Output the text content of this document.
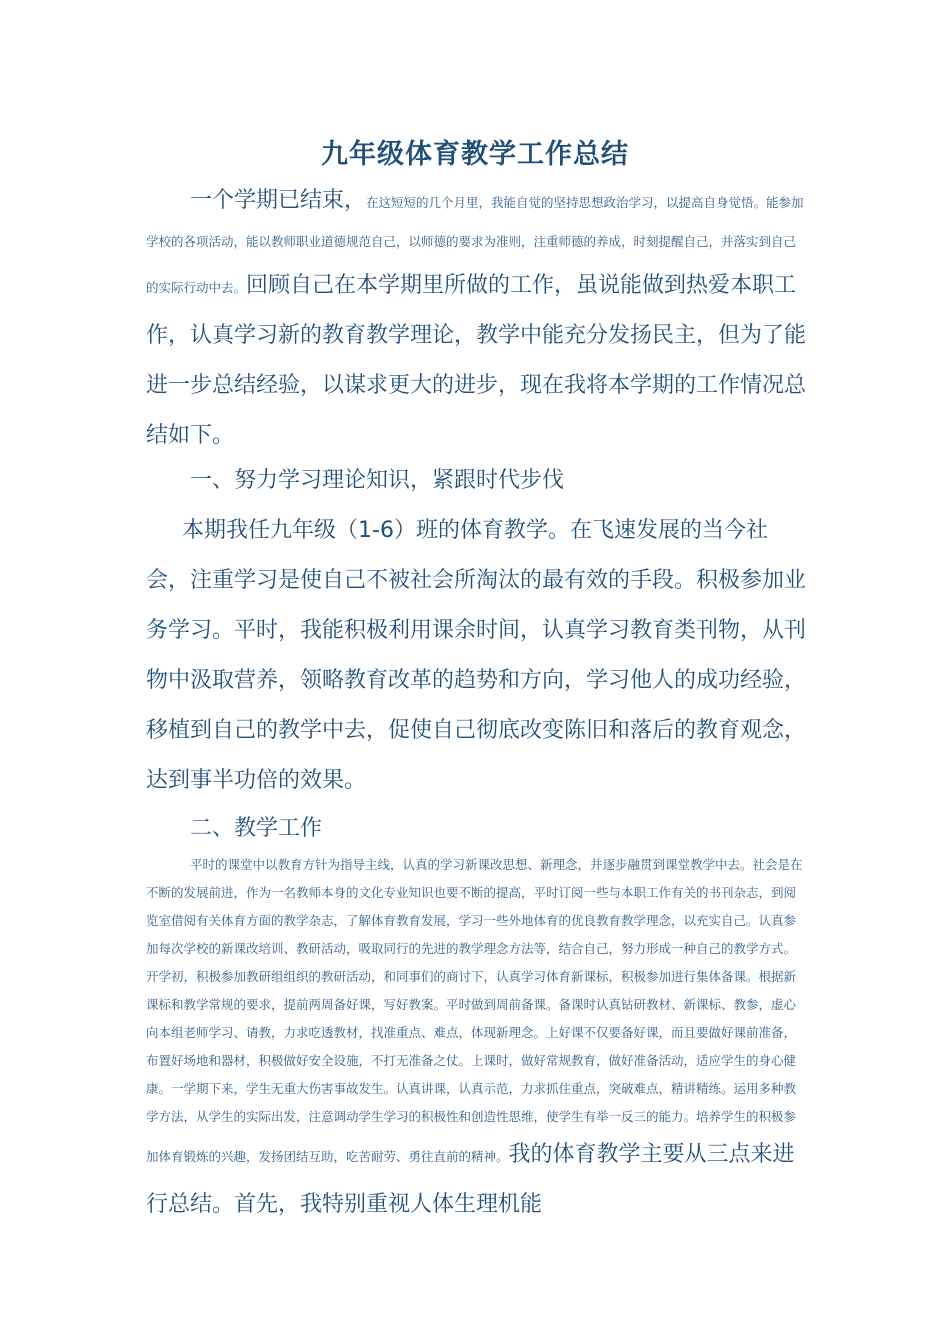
九年级体育教学工作总结

一个学期已结束，在这短短的几个月里，我能自觉的坚持思想政治学习，以提高自身觉悟。能参加学校的各项活动，能以教师职业道德规范自己，以师德的要求为准则，注重师德的养成，时刻提醒自己，并落实到自己的实际行动中去。回顾自己在本学期里所做的工作，虽说能做到热爱本职工作，认真学习新的教育教学理论，教学中能充分发扬民主，但为了能进一步总结经验，以谋求更大的进步，现在我将本学期的工作情况总结如下。

一、努力学习理论知识，紧跟时代步伐

本期我任九年级（1-6）班的体育教学。在飞速发展的当今社会，注重学习是使自己不被社会所淘汰的最有效的手段。积极参加业务学习。平时，我能积极利用课余时间，认真学习教育类刊物，从刊物中汲取营养，领略教育改革的趋势和方向，学习他人的成功经验，移植到自己的教学中去，促使自己彻底改变陈旧和落后的教育观念，达到事半功倍的效果。

二、教学工作

平时的课堂中以教育方针为指导主线，认真的学习新课改思想、新理念，并逐步融贯到课堂教学中去。社会是在不断的发展前进，作为一名教师本身的文化专业知识也要不断的提高，平时订阅一些与本职工作有关的书刊杂志，到阅览室借阅有关体育方面的教学杂志，了解体育教育发展，学习一些外地体育的优良教育教学理念，以充实自己。认真参加每次学校的新课改培训、教研活动，吸取同行的先进的教学理念方法等，结合自己，努力形成一种自己的教学方式。开学初，积极参加教研组组织的教研活动，和同事们的商讨下，认真学习体育新课标，积极参加进行集体备课。根据新课标和教学常规的要求，提前两周备好课，写好教案。平时做到周前备课。备课时认真钻研教材、新课标、教参，虚心向本组老师学习、请教，力求吃透教材，找准重点、难点，体现新理念。上好课不仅要备好课，而且要做好课前准备，布置好场地和器材，积极做好安全设施，不打无准备之仗。上课时，做好常规教育，做好准备活动，适应学生的身心健康。一学期下来，学生无重大伤害事故发生。认真讲课，认真示范，力求抓住重点，突破难点，精讲精练。运用多种教学方法，从学生的实际出发，注意调动学生学习的积极性和创造性思维，使学生有举一反三的能力。培养学生的积极参加体育锻炼的兴趣，发扬团结互助，吃苦耐劳、勇往直前的精神。我的体育教学主要从三点来进行总结。首先，我特别重视人体生理机能
